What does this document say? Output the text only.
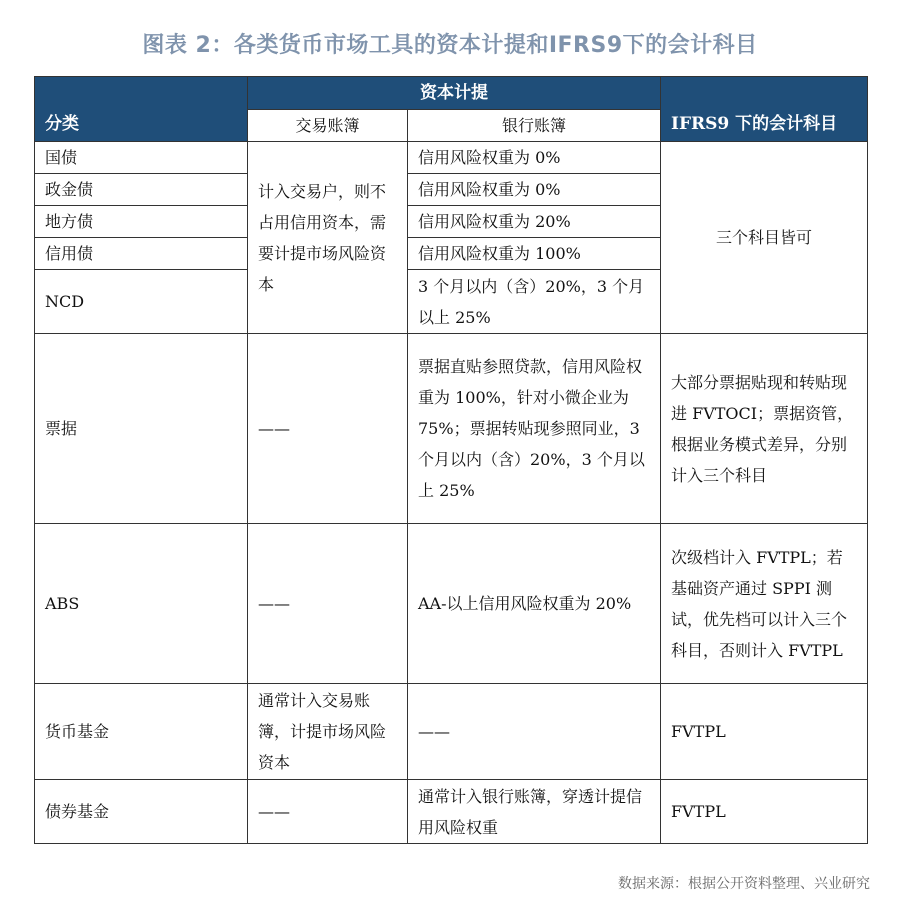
图表 2：各类货币市场工具的资本计提和IFRS9下的会计科目
分类	资本计提		IFRS9 下的会计科目
	交易账簿	银行账簿	
国债	计入交易户，则不占用信用资本，需要计提市场风险资本	信用风险权重为 0%	三个科目皆可
政金债		信用风险权重为 0%	
地方债		信用风险权重为 20%	
信用债		信用风险权重为 100%	
NCD		3 个月以内（含）20%，3 个月以上 25%	
票据	——	票据直贴参照贷款，信用风险权重为 100%，针对小微企业为 75%；票据转贴现参照同业，3 个月以内（含）20%，3 个月以上 25%	大部分票据贴现和转贴现进 FVTOCI；票据资管，根据业务模式差异，分别计入三个科目
ABS	——	AA-以上信用风险权重为 20%	次级档计入 FVTPL；若基础资产通过 SPPI 测试，优先档可以计入三个科目，否则计入 FVTPL
货币基金	通常计入交易账簿，计提市场风险资本	——	FVTPL
债券基金	——	通常计入银行账簿，穿透计提信用风险权重	FVTPL
数据来源：根据公开资料整理、兴业研究
